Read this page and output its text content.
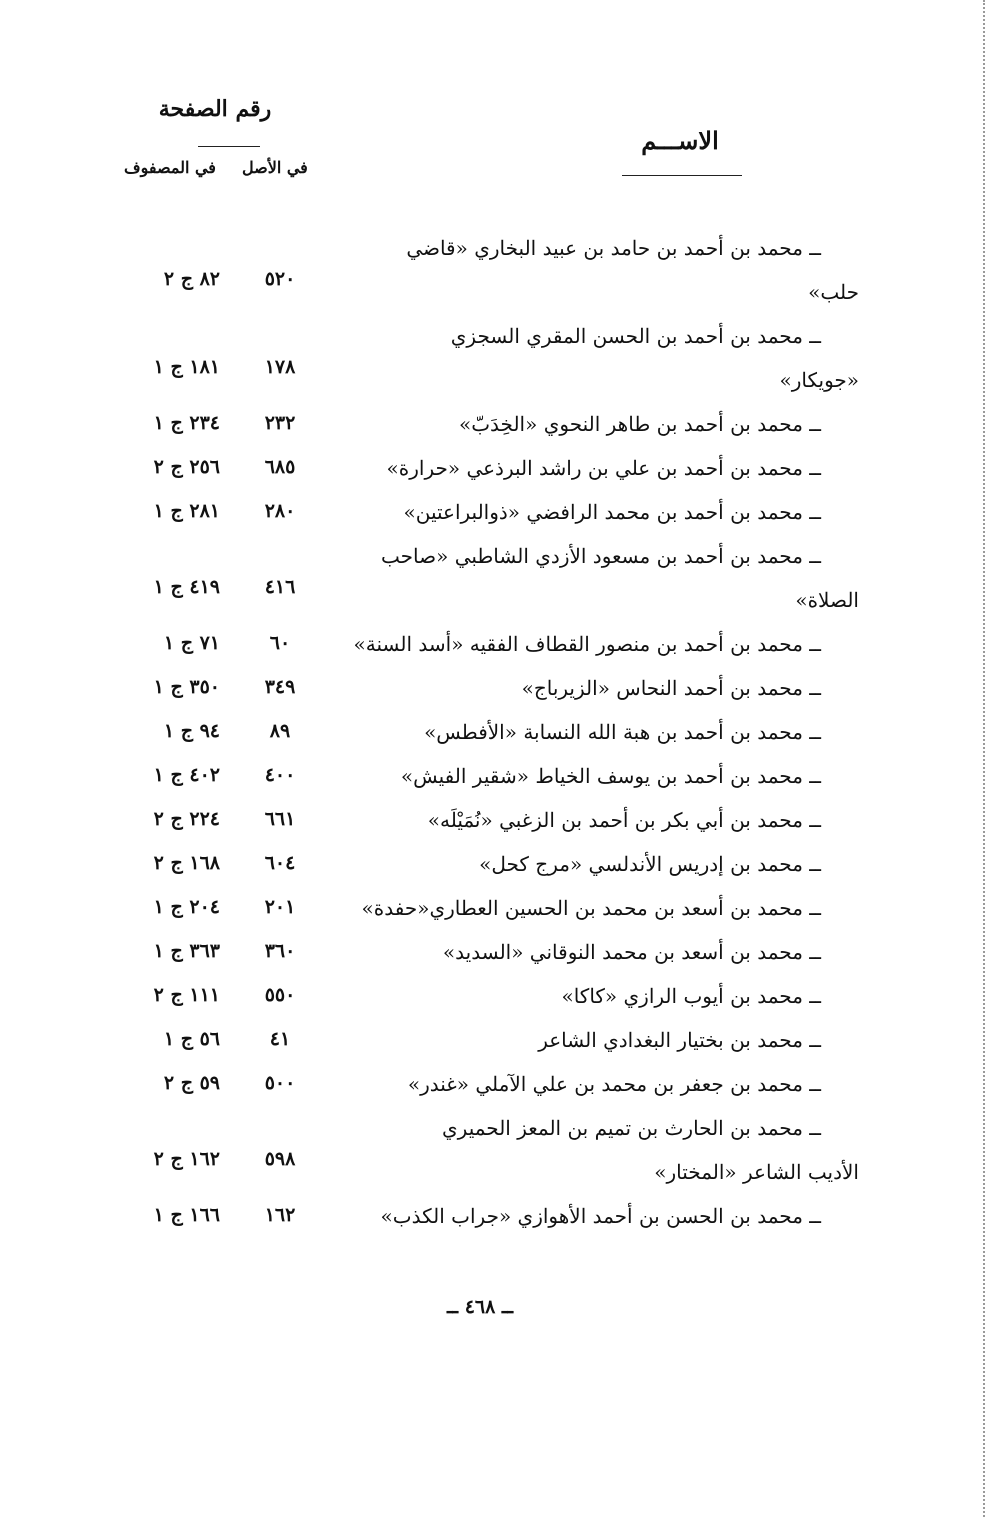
رقم الصفحة
في الأصل
في المصفوف
الاســـم
ــ محمد بن أحمد بن حامد بن عبيد البخاري «قاضي
حلب»
٥٢٠
٨٢ ج ٢
ــ محمد بن أحمد بن الحسن المقري السجزي
«جويكار»
١٧٨
١٨١ ج ١
ــ محمد بن أحمد بن طاهر النحوي «الخِدَبّ»
٢٣٢
٢٣٤ ج ١
ــ محمد بن أحمد بن علي بن راشد البرذعي «حرارة»
٦٨٥
٢٥٦ ج ٢
ــ محمد بن أحمد بن محمد الرافضي «ذوالبراعتين»
٢٨٠
٢٨١ ج ١
ــ محمد بن أحمد بن مسعود الأزدي الشاطبي «صاحب
الصلاة»
٤١٦
٤١٩ ج ١
ــ محمد بن أحمد بن منصور القطاف الفقيه «أسد السنة»
٦٠
٧١ ج ١
ــ محمد بن أحمد النحاس «الزيرباج»
٣٤٩
٣٥٠ ج ١
ــ محمد بن أحمد بن هبة الله النسابة «الأفطس»
٨٩
٩٤ ج ١
ــ محمد بن أحمد بن يوسف الخياط «شقير الفيش»
٤٠٠
٤٠٢ ج ١
ــ محمد بن أبي بكر بن أحمد بن الزغبي «نُمَيْلَه»
٦٦١
٢٢٤ ج ٢
ــ محمد بن إدريس الأندلسي «مرج كحل»
٦٠٤
١٦٨ ج ٢
ــ محمد بن أسعد بن محمد بن الحسين العطاري«حفدة»
٢٠١
٢٠٤ ج ١
ــ محمد بن أسعد بن محمد النوقاني «السديد»
٣٦٠
٣٦٣ ج ١
ــ محمد بن أيوب الرازي «كاكا»
٥٥٠
١١١ ج ٢
ــ محمد بن بختيار البغدادي الشاعر
٤١
٥٦ ج ١
ــ محمد بن جعفر بن محمد بن علي الآملي «غندر»
٥٠٠
٥٩ ج ٢
ــ محمد بن الحارث بن تميم بن المعز الحميري
الأديب الشاعر «المختار»
٥٩٨
١٦٢ ج ٢
ــ محمد بن الحسن بن أحمد الأهوازي «جراب الكذب»
١٦٢
١٦٦ ج ١
ــ ٤٦٨ ــ
